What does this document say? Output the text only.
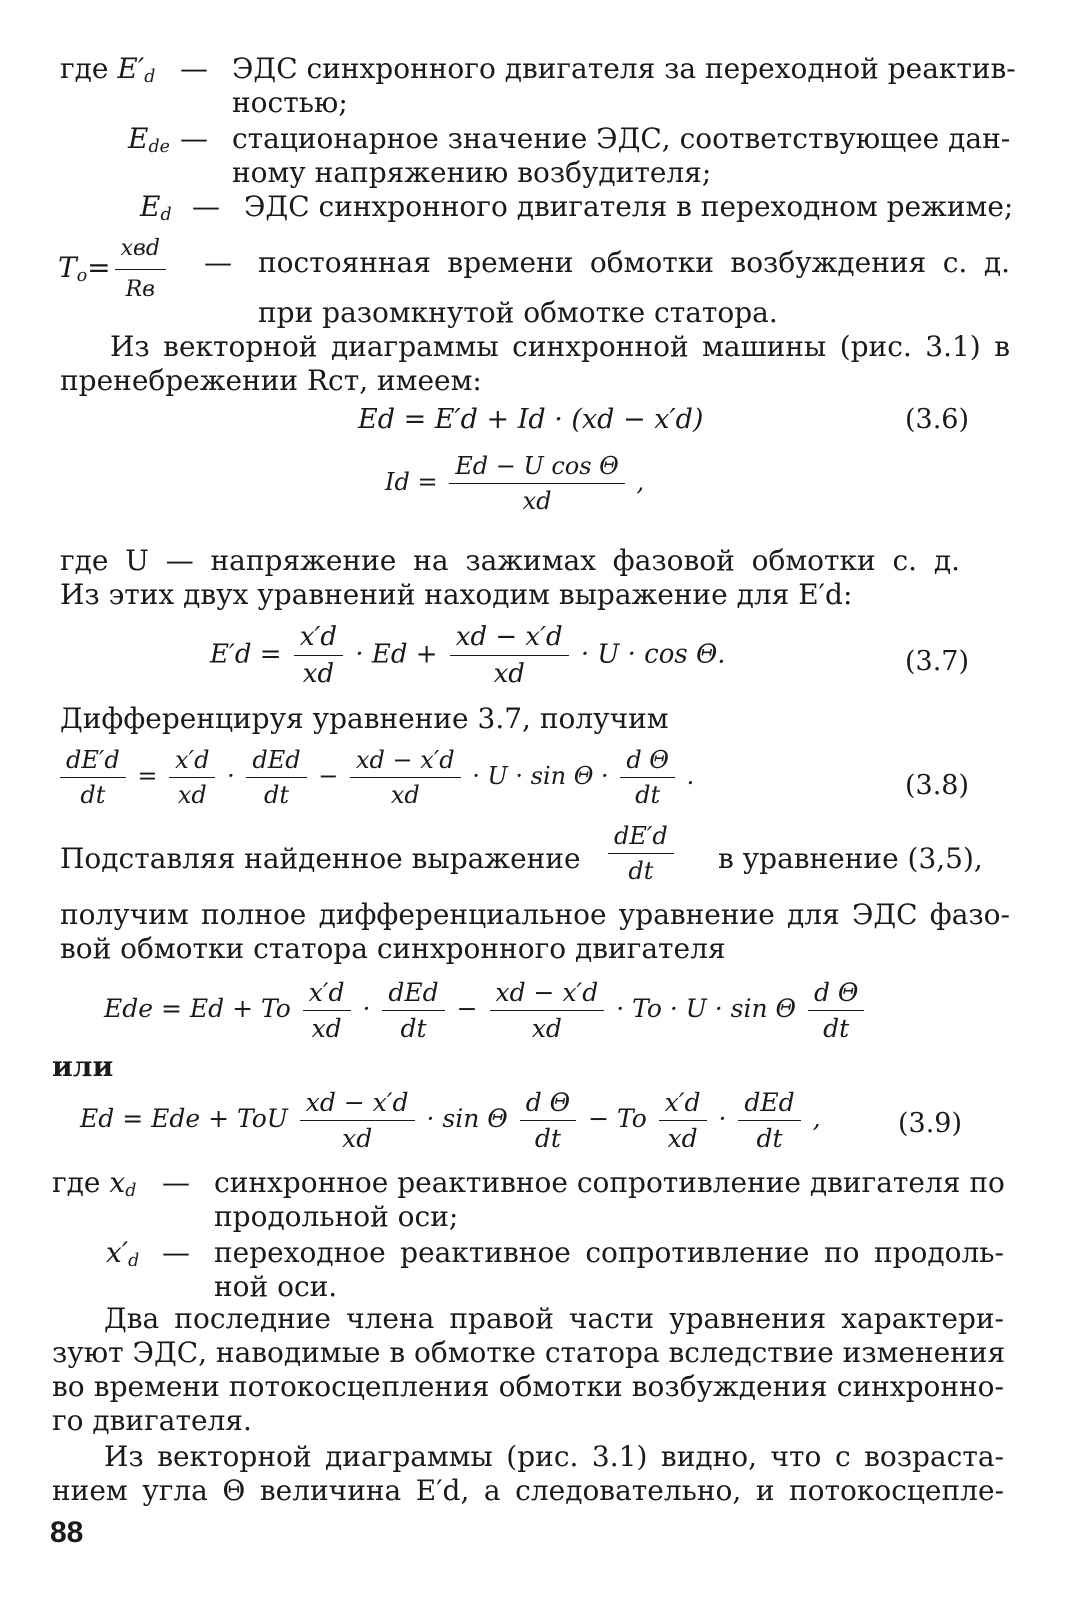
где E′d — ЭДС синхронного двигателя за переходной реактив-
ностью;
Ede — стационарное значение ЭДС, соответствующее дан-
ному напряжению возбудителя;
Ed — ЭДС синхронного двигателя в переходном режиме;
$To= \frac{\text{xвd}}{Rв}$ — постоянная времени обмотки возбуждения с. д.
при разомкнутой обмотке статора.
Из векторной диаграммы синхронной машины (рис. 3.1) в
пренебрежении Rст, имеем:
Ed = E′d + Id · (xd − x′d)	(3.6)
$Id = \frac{\text{Ed − U cos Θ}}{xd}$ ,
где U — напряжение на зажимах фазовой обмотки с. д.
Из этих двух уравнений находим выражение для E′d:
$E'd = \frac{x'd}{xd} \cdot Ed + \frac{xd - x'd}{xd} \cdot U \cdot \cos \Theta$.	(3.7)
Дифференцируя уравнение 3.7, получим
$\frac{dE'd}{dt} = \frac{x'd}{xd} \cdot \frac{\text{dEd}}{dt} - \frac{xd - x'd}{xd} \cdot U \cdot \sin \Theta \cdot \frac{\text{d Θ}}{dt}$ .	(3.8)
Подставляя найденное выражение $\frac{dE'd}{dt}$ в уравнение (3,5),
получим полное дифференциальное уравнение для ЭДС фазо-
вой обмотки статора синхронного двигателя
Ede = Ed + To $\frac{x'd}{xd} \cdot \frac{\text{dEd}}{dt} - \frac{xd - x'd}{xd} \cdot To \cdot U \cdot \sin \Theta \frac{\text{d Θ}}{dt}$
или
Ed = Ede + ToU $\frac{xd - x'd}{xd} \cdot \sin \Theta \frac{\text{d Θ}}{dt} - To \frac{x'd}{xd} \cdot \frac{\text{dEd}}{dt}$ ,	(3.9)
где xd — синхронное реактивное сопротивление двигателя по
продольной оси;
x′d — переходное реактивное сопротивление по продоль-
ной оси.
Два последние члена правой части уравнения характери-
зуют ЭДС, наводимые в обмотке статора вследствие изменения
во времени потокосцепления обмотки возбуждения синхронно-
го двигателя.
Из векторной диаграммы (рис. 3.1) видно, что с возраста-
нием угла Θ величина E′d, а следовательно, и потокосцепле-
88
